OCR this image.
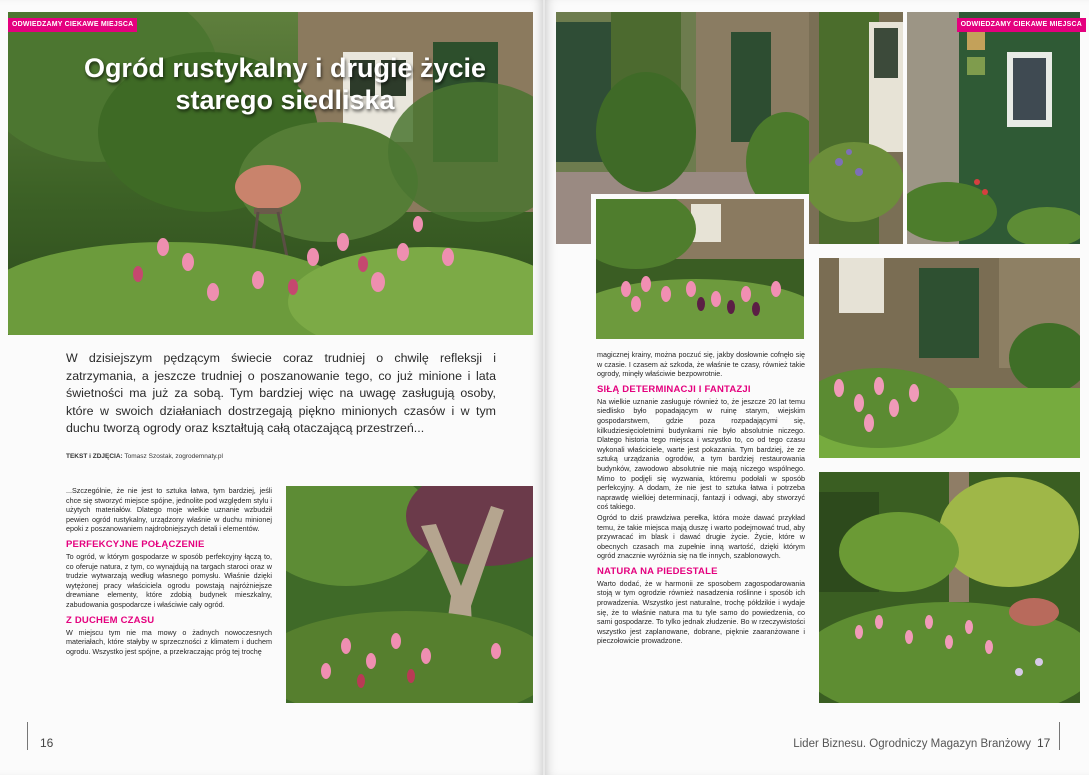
ODWIEDZAMY CIEKAWE MIEJSCA
Ogród rustykalny i drugie życie starego siedliska

W dzisiejszym pędzącym świecie coraz trudniej o chwilę refleksji i zatrzymania, a jeszcze trudniej o poszanowanie tego, co już minione i lata świetności ma już za sobą. Tym bardziej więc na uwagę zasługują osoby, które w swoich działaniach dostrzegają piękno minionych czasów i w tym duchu tworzą ogrody oraz kształtują całą otaczającą przestrzeń...

TEKST i ZDJĘCIA: Tomasz Szostak, zogrodemnaty.pl

...Szczególnie, że nie jest to sztuka łatwa, tym bardziej, jeśli chce się stworzyć miejsce spójne, jednolite pod względem stylu i użytych materiałów. Dlatego moje wielkie uznanie wzbudził pewien ogród rustykalny, urządzony właśnie w duchu minionej epoki z poszanowaniem najdrobniejszych detali i elementów.

PERFEKCYJNE POŁĄCZENIE

To ogród, w którym gospodarze w sposób perfekcyjny łączą to, co oferuje natura, z tym, co wynajdują na targach staroci oraz w trudzie wytwarzają według własnego pomysłu. Właśnie dzięki wytężonej pracy właściciela ogrodu powstają najróżniejsze drewniane elementy, które zdobią budynek mieszkalny, zabudowania gospodarcze i właściwie cały ogród.

Z DUCHEM CZASU

W miejscu tym nie ma mowy o żadnych nowoczesnych materiałach, które stałyby w sprzeczności z klimatem i duchem ogrodu. Wszystko jest spójne, a przekraczając próg tej trochę

16
ODWIEDZAMY CIEKAWE MIEJSCA

magicznej krainy, można poczuć się, jakby dosłownie cofnęło się w czasie. I czasem aż szkoda, że właśnie te czasy, również takie ogrody, minęły właściwie bezpowrotnie.

SIŁĄ DETERMINACJI I FANTAZJI

Na wielkie uznanie zasługuje również to, że jeszcze 20 lat temu siedlisko było popadającym w ruinę starym, wiejskim gospodarstwem, gdzie poza rozpadającymi się, kilkudziesięcioletnimi budynkami nie było absolutnie niczego. Dlatego historia tego miejsca i wszystko to, co od tego czasu wykonali właściciele, warte jest pokazania. Tym bardziej, że ze sztuką urządzania ogrodów, a tym bardziej restaurowania budynków, zawodowo absolutnie nie mają niczego wspólnego. Mimo to podjęli się wyzwania, któremu podołali w sposób perfekcyjny. A dodam, że nie jest to sztuka łatwa i potrzeba naprawdę wielkiej determinacji, fantazji i odwagi, aby stworzyć coś takiego.

Ogród to dziś prawdziwa perełka, która może dawać przykład temu, że takie miejsca mają duszę i warto podejmować trud, aby przywracać im blask i dawać drugie życie. Życie, które w obecnych czasach ma zupełnie inną wartość, dzięki którym ogród znacznie wyróżnia się na tle innych, szablonowych.

NATURA NA PIEDESTALE

Warto dodać, że w harmonii ze sposobem zagospodarowania stoją w tym ogrodzie również nasadzenia roślinne i sposób ich prowadzenia. Wszystko jest naturalne, trochę półdzikie i wydaje się, że to właśnie natura ma tu tyle samo do powiedzenia, co sami gospodarze. To tylko jednak złudzenie. Bo w rzeczywistości wszystko jest zaplanowane, dobrane, pięknie zaaranżowane i pieczołowicie prowadzone.

Lider Biznesu. Ogrodniczy Magazyn Branżowy 17
